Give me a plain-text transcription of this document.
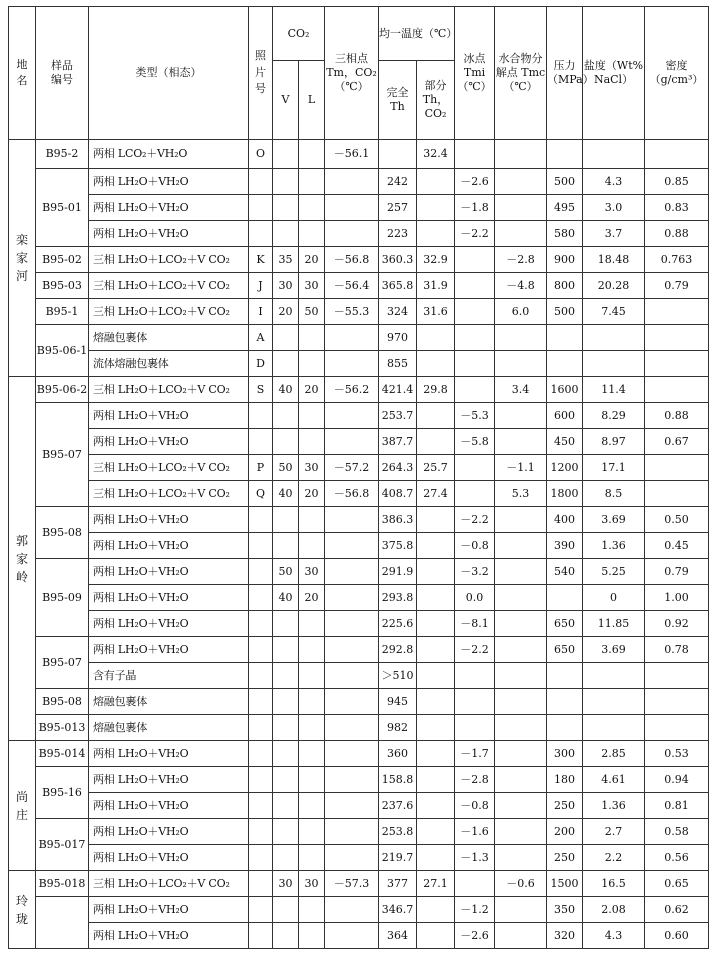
地名	样品编号	类型（相态）	照片号	CO₂		三相点 Tm，CO₂（℃）	均一温度（℃）		冰点 Tmi（℃）	水合物分解点 Tmc（℃）	压力（MPa）	盐度（Wt% NaCl）	密度（g/cm³）
				V	L		完全 Th	部分 Th，CO₂					
栾家河	B95-2	两相 LCO₂＋VH₂O	O			－56.1		32.4					
	B95-01	两相 LH₂O＋VH₂O					242		－2.6		500	4.3	0.85
		两相 LH₂O＋VH₂O					257		－1.8		495	3.0	0.83
		两相 LH₂O＋VH₂O					223		－2.2		580	3.7	0.88
	B95-02	三相 LH₂O＋LCO₂＋V CO₂	K	35	20	－56.8	360.3	32.9		－2.8	900	18.48	0.763
	B95-03	三相 LH₂O＋LCO₂＋V CO₂	J	30	30	－56.4	365.8	31.9		－4.8	800	20.28	0.79
	B95-1	三相 LH₂O＋LCO₂＋V CO₂	I	20	50	－55.3	324	31.6		6.0	500	7.45	
	B95-06-1	熔融包裹体	A				970						
		流体熔融包裹体	D				855						
郭家岭	B95-06-2	三相 LH₂O＋LCO₂＋V CO₂	S	40	20	－56.2	421.4	29.8		3.4	1600	11.4	
	B95-07	两相 LH₂O＋VH₂O					253.7		－5.3		600	8.29	0.88
		两相 LH₂O＋VH₂O					387.7		－5.8		450	8.97	0.67
		三相 LH₂O＋LCO₂＋V CO₂	P	50	30	－57.2	264.3	25.7		－1.1	1200	17.1	
		三相 LH₂O＋LCO₂＋V CO₂	Q	40	20	－56.8	408.7	27.4		5.3	1800	8.5	
	B95-08	两相 LH₂O＋VH₂O					386.3		－2.2		400	3.69	0.50
		两相 LH₂O＋VH₂O					375.8		－0.8		390	1.36	0.45
	B95-09	两相 LH₂O＋VH₂O		50	30		291.9		－3.2		540	5.25	0.79
		两相 LH₂O＋VH₂O		40	20		293.8		0.0			0	1.00
		两相 LH₂O＋VH₂O					225.6		－8.1		650	11.85	0.92
	B95-07	两相 LH₂O＋VH₂O					292.8		－2.2		650	3.69	0.78
		含有子晶					＞510						
	B95-08	熔融包裹体					945						
	B95-013	熔融包裹体					982						
尚庄	B95-014	两相 LH₂O＋VH₂O					360		－1.7		300	2.85	0.53
	B95-16	两相 LH₂O＋VH₂O					158.8		－2.8		180	4.61	0.94
		两相 LH₂O＋VH₂O					237.6		－0.8		250	1.36	0.81
	B95-017	两相 LH₂O＋VH₂O					253.8		－1.6		200	2.7	0.58
		两相 LH₂O＋VH₂O					219.7		－1.3		250	2.2	0.56
玲珑	B95-018	三相 LH₂O＋LCO₂＋V CO₂		30	30	－57.3	377	27.1		－0.6	1500	16.5	0.65
		两相 LH₂O＋VH₂O					346.7		－1.2		350	2.08	0.62
		两相 LH₂O＋VH₂O					364		－2.6		320	4.3	0.60
